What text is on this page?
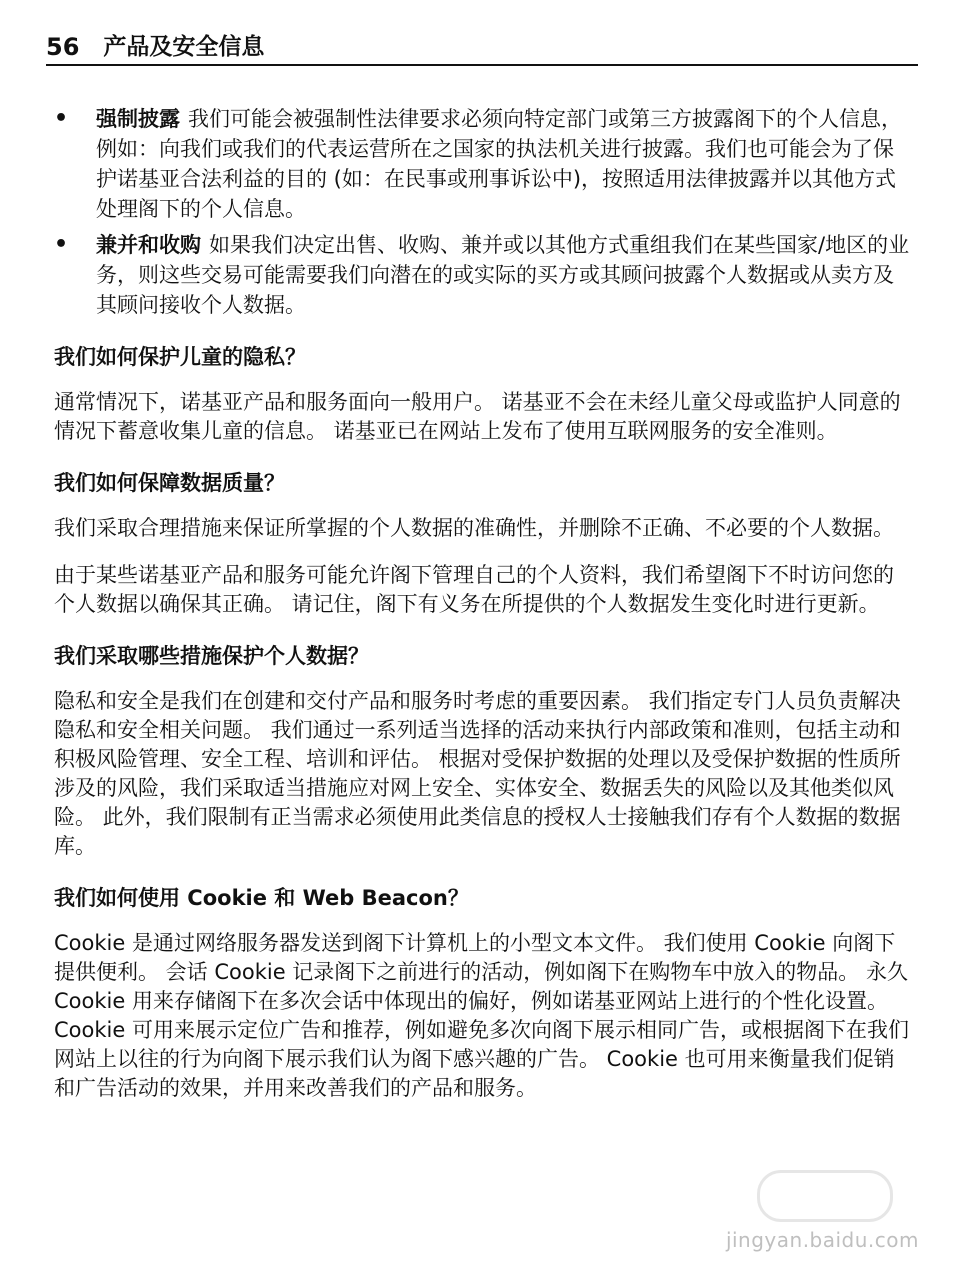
56 产品及安全信息
• 强制披露 我们可能会被强制性法律要求必须向特定部门或第三方披露阁下的个人信息，例如：向我们或我们的代表运营所在之国家的执法机关进行披露。我们也可能会为了保护诺基亚合法利益的目的 (如：在民事或刑事诉讼中)，按照适用法律披露并以其他方式处理阁下的个人信息。
• 兼并和收购 如果我们决定出售、收购、兼并或以其他方式重组我们在某些国家/地区的业务，则这些交易可能需要我们向潜在的或实际的买方或其顾问披露个人数据或从卖方及其顾问接收个人数据。
我们如何保护儿童的隐私？
通常情况下，诺基亚产品和服务面向一般用户。 诺基亚不会在未经儿童父母或监护人同意的情况下蓄意收集儿童的信息。 诺基亚已在网站上发布了使用互联网服务的安全准则。
我们如何保障数据质量？
我们采取合理措施来保证所掌握的个人数据的准确性，并删除不正确、不必要的个人数据。
由于某些诺基亚产品和服务可能允许阁下管理自己的个人资料，我们希望阁下不时访问您的个人数据以确保其正确。 请记住，阁下有义务在所提供的个人数据发生变化时进行更新。
我们采取哪些措施保护个人数据？
隐私和安全是我们在创建和交付产品和服务时考虑的重要因素。 我们指定专门人员负责解决隐私和安全相关问题。 我们通过一系列适当选择的活动来执行内部政策和准则，包括主动和积极风险管理、安全工程、培训和评估。 根据对受保护数据的处理以及受保护数据的性质所涉及的风险，我们采取适当措施应对网上安全、实体安全、数据丢失的风险以及其他类似风险。 此外，我们限制有正当需求必须使用此类信息的授权人士接触我们存有个人数据的数据库。
我们如何使用 Cookie 和 Web Beacon？
Cookie 是通过网络服务器发送到阁下计算机上的小型文本文件。 我们使用 Cookie 向阁下提供便利。 会话 Cookie 记录阁下之前进行的活动，例如阁下在购物车中放入的物品。 永久 Cookie 用来存储阁下在多次会话中体现出的偏好，例如诺基亚网站上进行的个性化设置。 Cookie 可用来展示定位广告和推荐，例如避免多次向阁下展示相同广告，或根据阁下在我们网站上以往的行为向阁下展示我们认为阁下感兴趣的广告。 Cookie 也可用来衡量我们促销和广告活动的效果，并用来改善我们的产品和服务。
jingyan.baidu.com
